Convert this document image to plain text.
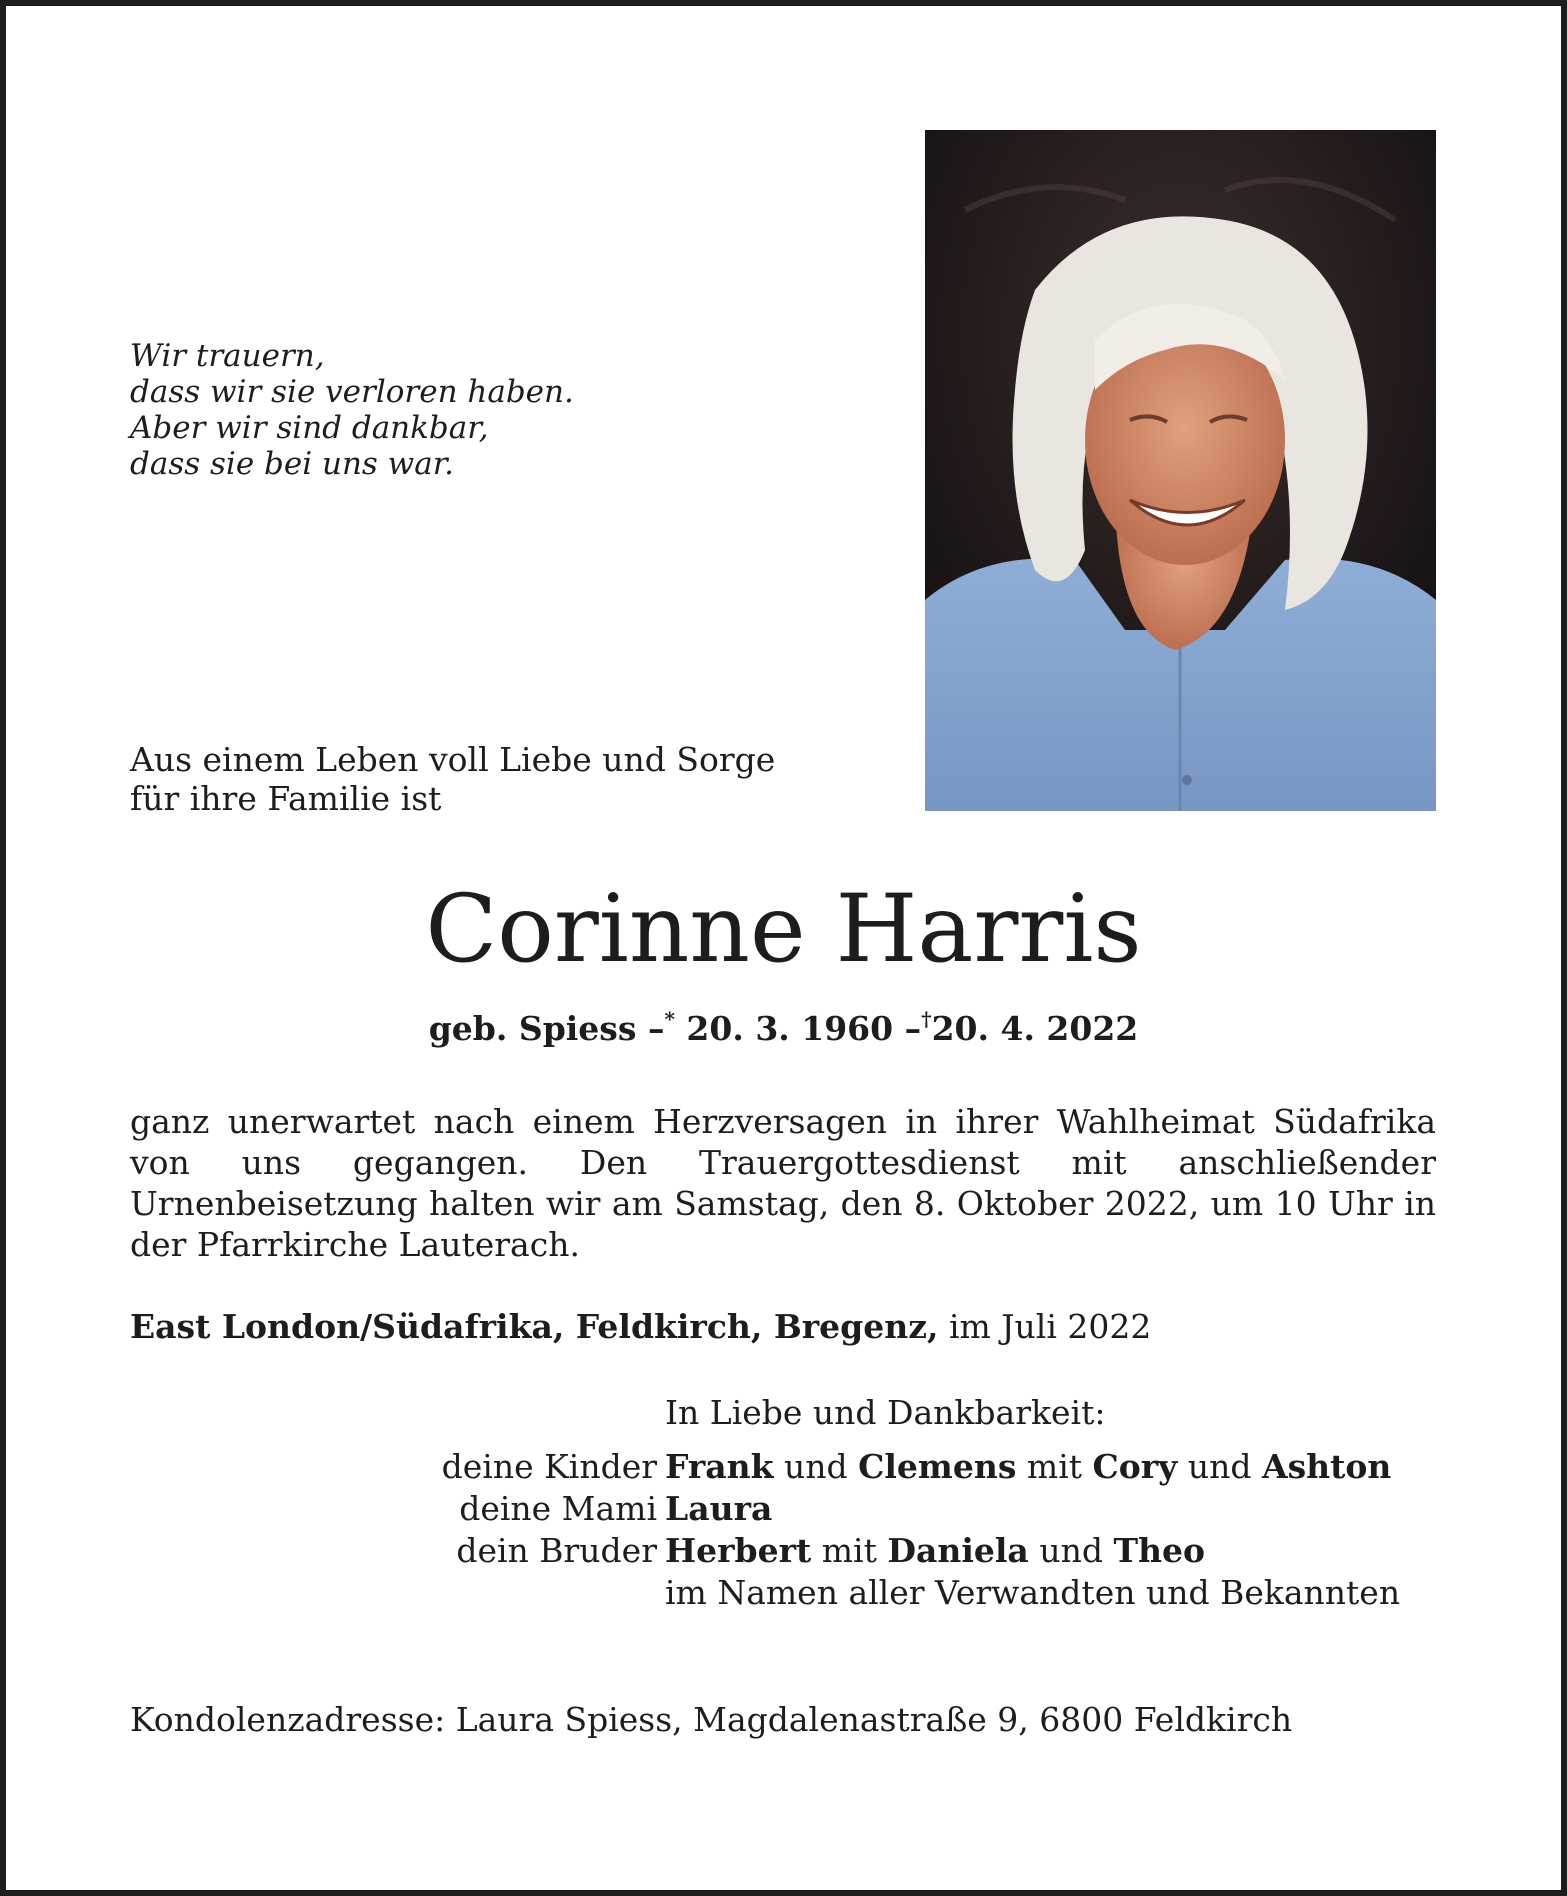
Wir trauern,
dass wir sie verloren haben.
Aber wir sind dankbar,
dass sie bei uns war.
Aus einem Leben voll Liebe und Sorge
für ihre Familie ist
Corinne Harris
geb. Spiess –* 20. 3. 1960 –†20. 4. 2022
ganz unerwartet nach einem Herzversagen in ihrer Wahlheimat Südafrika von uns gegangen. Den Trauergottesdienst mit anschließender Urnenbeisetzung halten wir am Samstag, den 8. Oktober 2022, um 10 Uhr in der Pfarrkirche Lauterach.
East London/Südafrika, Feldkirch, Bregenz, im Juli 2022
In Liebe und Dankbarkeit:
deine Kinder Frank und Clemens mit Cory und Ashton
deine Mami Laura
dein Bruder Herbert mit Daniela und Theo
im Namen aller Verwandten und Bekannten
Kondolenzadresse: Laura Spiess, Magdalenastraße 9, 6800 Feldkirch
